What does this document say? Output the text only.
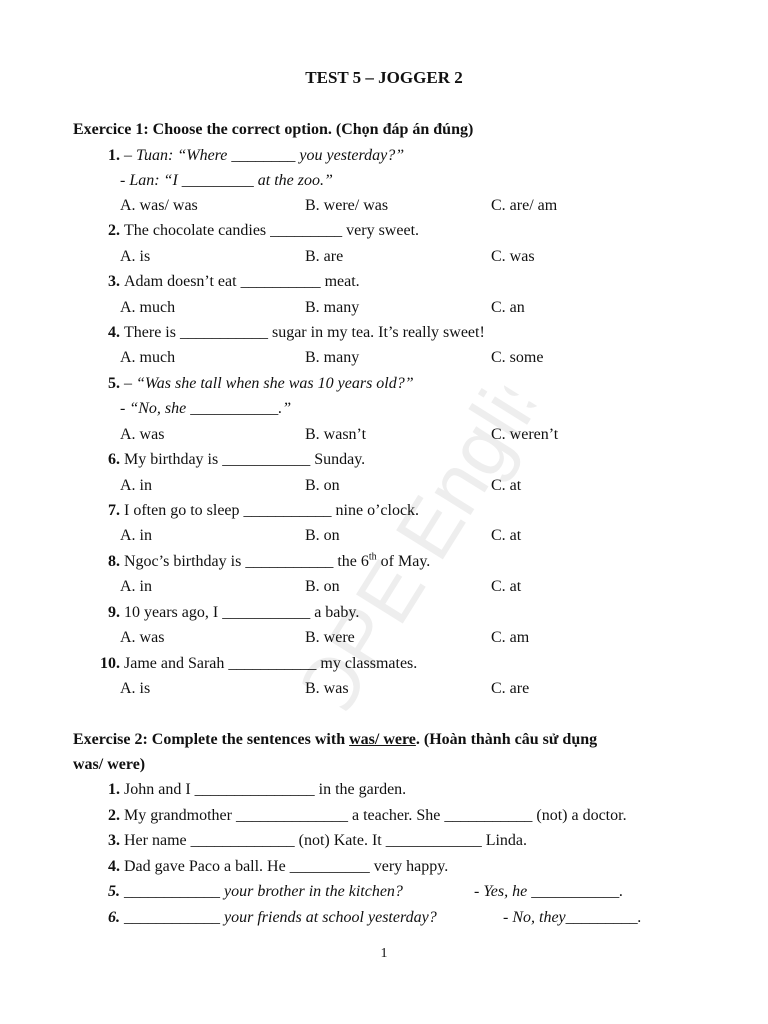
HOPE English
TEST 5 – JOGGER 2
Exercice 1: Choose the correct option. (Chọn đáp án đúng)
1. – Tuan: “Where ________ you yesterday?”
- Lan: “I _________ at the zoo.”
A. was/ was	B. were/ was	C. are/ am
2. The chocolate candies _________ very sweet.
A. is	B. are	C. was
3. Adam doesn’t eat __________ meat.
A. much	B. many	C. an
4. There is ___________ sugar in my tea. It’s really sweet!
A. much	B. many	C. some
5. – “Was she tall when she was 10 years old?”
- “No, she ___________.”
A. was	B. wasn’t	C. weren’t
6. My birthday is ___________ Sunday.
A. in	B. on	C. at
7. I often go to sleep ___________ nine o’clock.
A. in	B. on	C. at
8. Ngoc’s birthday is ___________ the 6th of May.
A. in	B. on	C. at
9. 10 years ago, I ___________ a baby.
A. was	B. were	C. am
10. Jame and Sarah ___________ my classmates.
A. is	B. was	C. are
Exercise 2: Complete the sentences with was/ were. (Hoàn thành câu sử dụng
was/ were)
1. John and I _______________ in the garden.
2. My grandmother ______________ a teacher. She ___________ (not) a doctor.
3. Her name _____________ (not) Kate. It ____________ Linda.
4. Dad gave Paco a ball. He __________ very happy.
5. ____________ your brother in the kitchen?	- Yes, he ___________.
6. ____________ your friends at school yesterday?	- No, they_________.
1
